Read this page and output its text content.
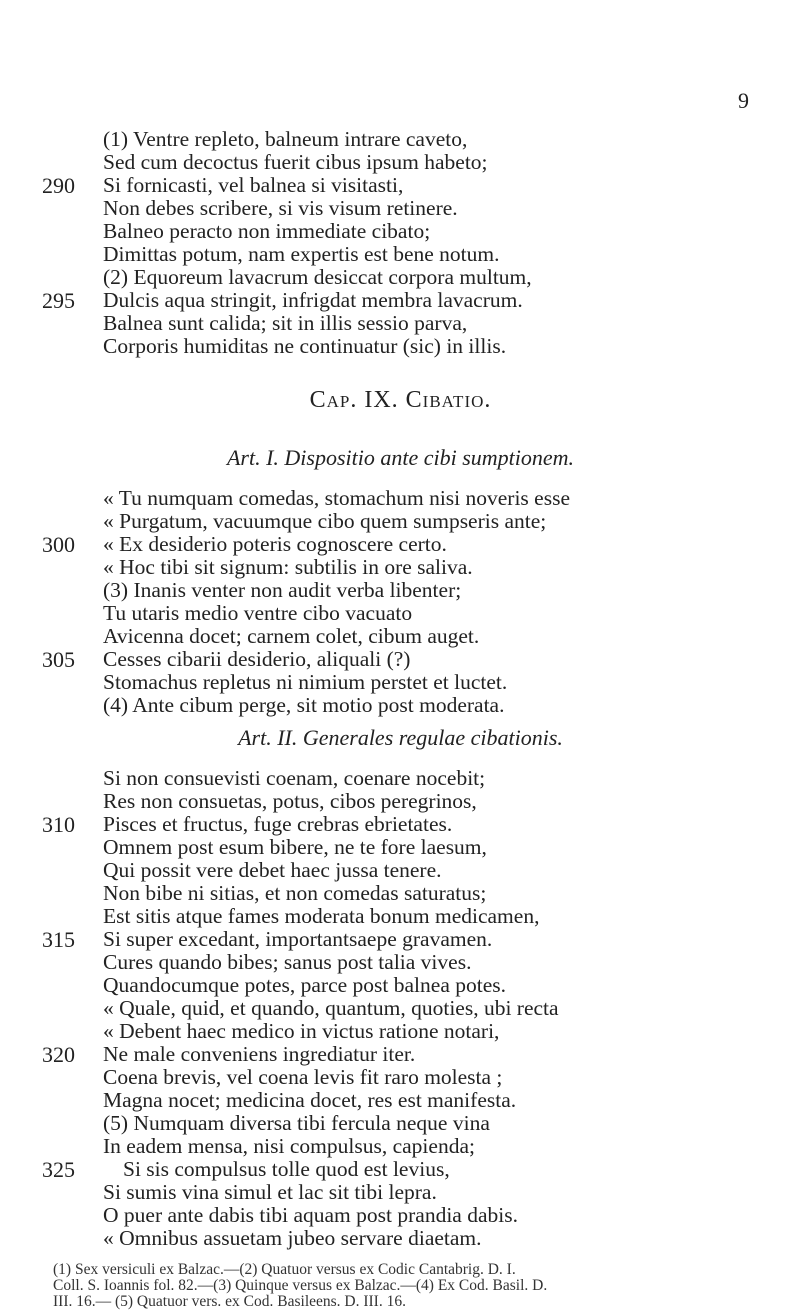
9
(1) Ventre repleto, balneum intrare caveto,
Sed cum decoctus fuerit cibus ipsum habeto;
290 Si fornicasti, vel balnea si visitasti,
Non debes scribere, si vis visum retinere.
Balneo peracto non immediate cibato;
Dimittas potum, nam expertis est bene notum.
(2) Equoreum lavacrum desiccat corpora multum,
295 Dulcis aqua stringit, infrigdat membra lavacrum.
Balnea sunt calida; sit in illis sessio parva,
Corporis humiditas ne continuatur (sic) in illis.
Cap. IX. Cibatio.
Art. I. Dispositio ante cibi sumptionem.
« Tu numquam comedas, stomachum nisi noveris esse
« Purgatum, vacuumque cibo quem sumpseris ante;
300 « Ex desiderio poteris cognoscere certo.
« Hoc tibi sit signum: subtilis in ore saliva.
(3) Inanis venter non audit verba libenter;
Tu utaris medio ventre cibo vacuato
Avicenna docet; carnem colet, cibum auget.
305 Cesses cibarii desiderio, aliquali (?)
Stomachus repletus ni nimium perstet et luctet.
(4) Ante cibum perge, sit motio post moderata.
Art. II. Generales regulae cibationis.
Si non consuevisti coenam, coenare nocebit;
Res non consuetas, potus, cibos peregrinos,
310 Pisces et fructus, fuge crebras ebrietates.
Omnem post esum bibere, ne te fore laesum,
Qui possit vere debet haec jussa tenere.
Non bibe ni sitias, et non comedas saturatus;
Est sitis atque fames moderata bonum medicamen,
315 Si super excedant, importantsaepe gravamen.
Cures quando bibes; sanus post talia vives.
Quandocumque potes, parce post balnea potes.
« Quale, quid, et quando, quantum, quoties, ubi recta
« Debent haec medico in victus ratione notari,
320 Ne male conveniens ingrediatur iter.
Coena brevis, vel coena levis fit raro molesta ;
Magna nocet; medicina docet, res est manifesta.
(5) Numquam diversa tibi fercula neque vina
In eadem mensa, nisi compulsus, capienda;
325 Si sis compulsus tolle quod est levius,
Si sumis vina simul et lac sit tibi lepra.
O puer ante dabis tibi aquam post prandia dabis.
« Omnibus assuetam jubeo servare diaetam.
(1) Sex versiculi ex Balzac.—(2) Quatuor versus ex Codic Cantabrig. D. I.
Coll. S. Ioannis fol. 82.—(3) Quinque versus ex Balzac.—(4) Ex Cod. Basil. D.
III. 16.— (5) Quatuor vers. ex Cod. Basileens. D. III. 16.
